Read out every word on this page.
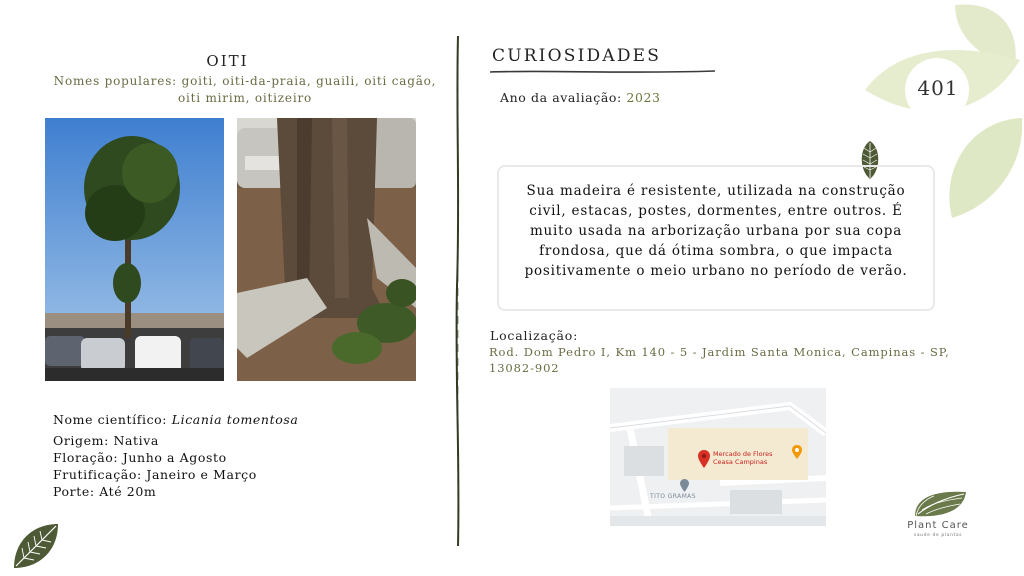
OITI
Nomes populares: goiti, oiti-da-praia, guaili, oiti cagão, oiti mirim, oitizeiro
Nome científico: Licania tomentosa
Origem: Nativa
Floração: Junho a Agosto
Frutificação: Janeiro e Março
Porte: Até 20m
CURIOSIDADES
Ano da avaliação: 2023	401
Sua madeira é resistente, utilizada na construção civil, estacas, postes, dormentes, entre outros. É muito usada na arborização urbana por sua copa frondosa, que dá ótima sombra, o que impacta positivamente o meio urbano no período de verão.
Localização:
Rod. Dom Pedro I, Km 140 - 5 - Jardim Santa Monica, Campinas - SP, 13082-902
Mercado de Flores
Ceasa Campinas
TITO GRAMAS
Plant Care
saude de plantas
